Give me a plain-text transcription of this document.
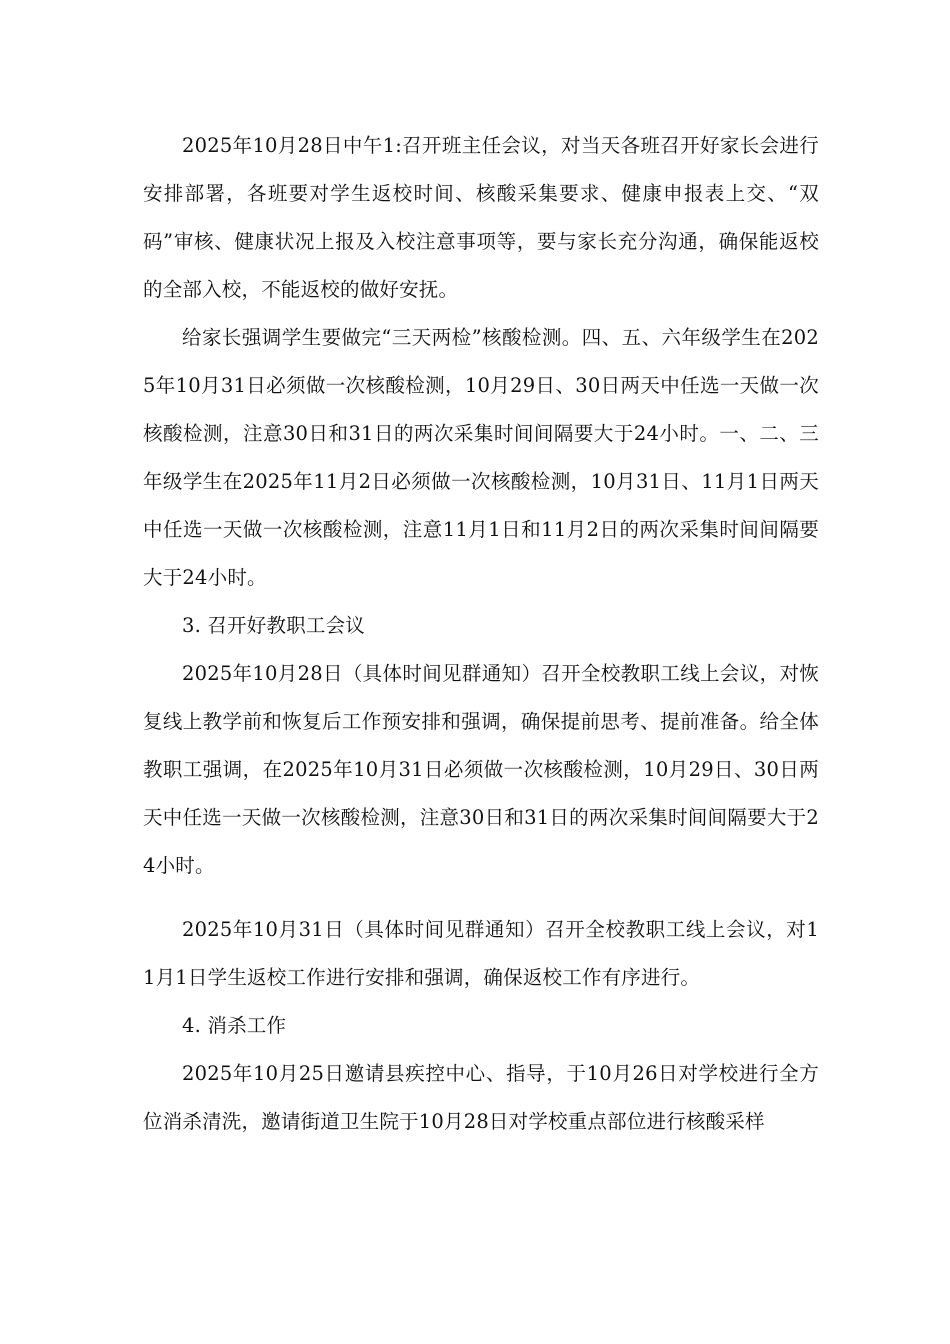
2025年10月28日中午1:召开班主任会议，对当天各班召开好家长会进行安排部署，各班要对学生返校时间、核酸采集要求、健康申报表上交、“双码”审核、健康状况上报及入校注意事项等，要与家长充分沟通，确保能返校的全部入校，不能返校的做好安抚。

给家长强调学生要做完“三天两检”核酸检测。四、五、六年级学生在2025年10月31日必须做一次核酸检测，10月29日、30日两天中任选一天做一次核酸检测，注意30日和31日的两次采集时间间隔要大于24小时。一、二、三年级学生在2025年11月2日必须做一次核酸检测，10月31日、11月1日两天中任选一天做一次核酸检测，注意11月1日和11月2日的两次采集时间间隔要大于24小时。

3. 召开好教职工会议

2025年10月28日（具体时间见群通知）召开全校教职工线上会议，对恢复线上教学前和恢复后工作预安排和强调，确保提前思考、提前准备。给全体教职工强调，在2025年10月31日必须做一次核酸检测，10月29日、30日两天中任选一天做一次核酸检测，注意30日和31日的两次采集时间间隔要大于24小时。

2025年10月31日（具体时间见群通知）召开全校教职工线上会议，对11月1日学生返校工作进行安排和强调，确保返校工作有序进行。

4. 消杀工作

2025年10月25日邀请县疾控中心、指导，于10月26日对学校进行全方位消杀清洗，邀请街道卫生院于10月28日对学校重点部位进行核酸采样
